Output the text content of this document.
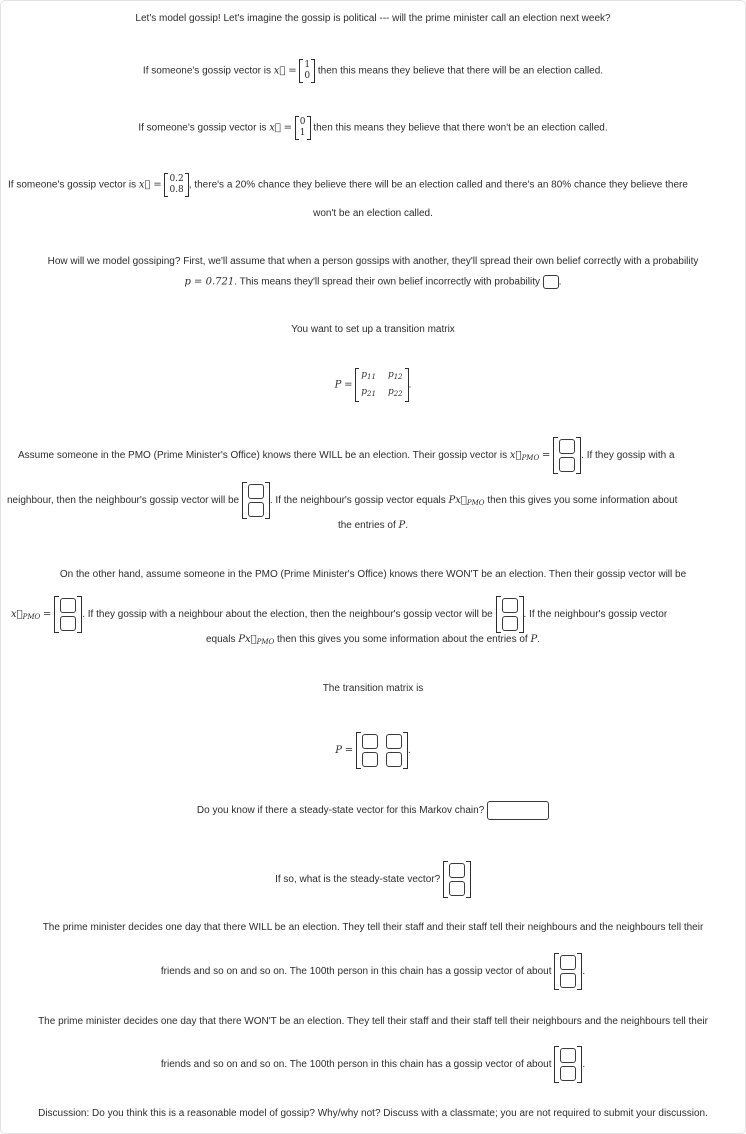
Let's model gossip! Let's imagine the gossip is political --- will the prime minister call an election next week?
If someone's gossip vector is x⃗ =
1
0 then this means they believe that there will be an election called.
If someone's gossip vector is x⃗ =
0
1 then this means they believe that there won't be an election called.
If someone's gossip vector is x⃗ =
0.2
0.8 , there's a 20% chance they believe there will be an election called and there's an 80% chance they believe there
won't be an election called.
How will we model gossiping? First, we'll assume that when a person gossips with another, they'll spread their own belief correctly with a probability
p = 0.721. This means they'll spread their own belief incorrectly with probability .
You want to set up a transition matrix
P =
$p_{11}$ $p_{12}$
$p_{21}$ $p_{22}$
.
Assume someone in the PMO (Prime Minister's Office) knows there WILL be an election. Their gossip vector is $x⃗_{PMO}$ =	. If they gossip with a
neighbour, then the neighbour's gossip vector will be	. If the neighbour's gossip vector equals $Px⃗_{PMO}$ then this gives you some information about
the entries of P.
On the other hand, assume someone in the PMO (Prime Minister's Office) knows there WON'T be an election. Then their gossip vector will be
$x⃗_{PMO}$ =	. If they gossip with a neighbour about the election, then the neighbour's gossip vector will be	. If the neighbour's gossip vector
equals $Px⃗_{PMO}$ then this gives you some information about the entries of P.
The transition matrix is
P =	.
Do you know if there a steady-state vector for this Markov chain?
If so, what is the steady-state vector?
The prime minister decides one day that there WILL be an election. They tell their staff and their staff tell their neighbours and the neighbours tell their
friends and so on and so on. The 100th person in this chain has a gossip vector of about	.
The prime minister decides one day that there WON'T be an election. They tell their staff and their staff tell their neighbours and the neighbours tell their
friends and so on and so on. The 100th person in this chain has a gossip vector of about	.
Discussion: Do you think this is a reasonable model of gossip? Why/why not? Discuss with a classmate; you are not required to submit your discussion.
